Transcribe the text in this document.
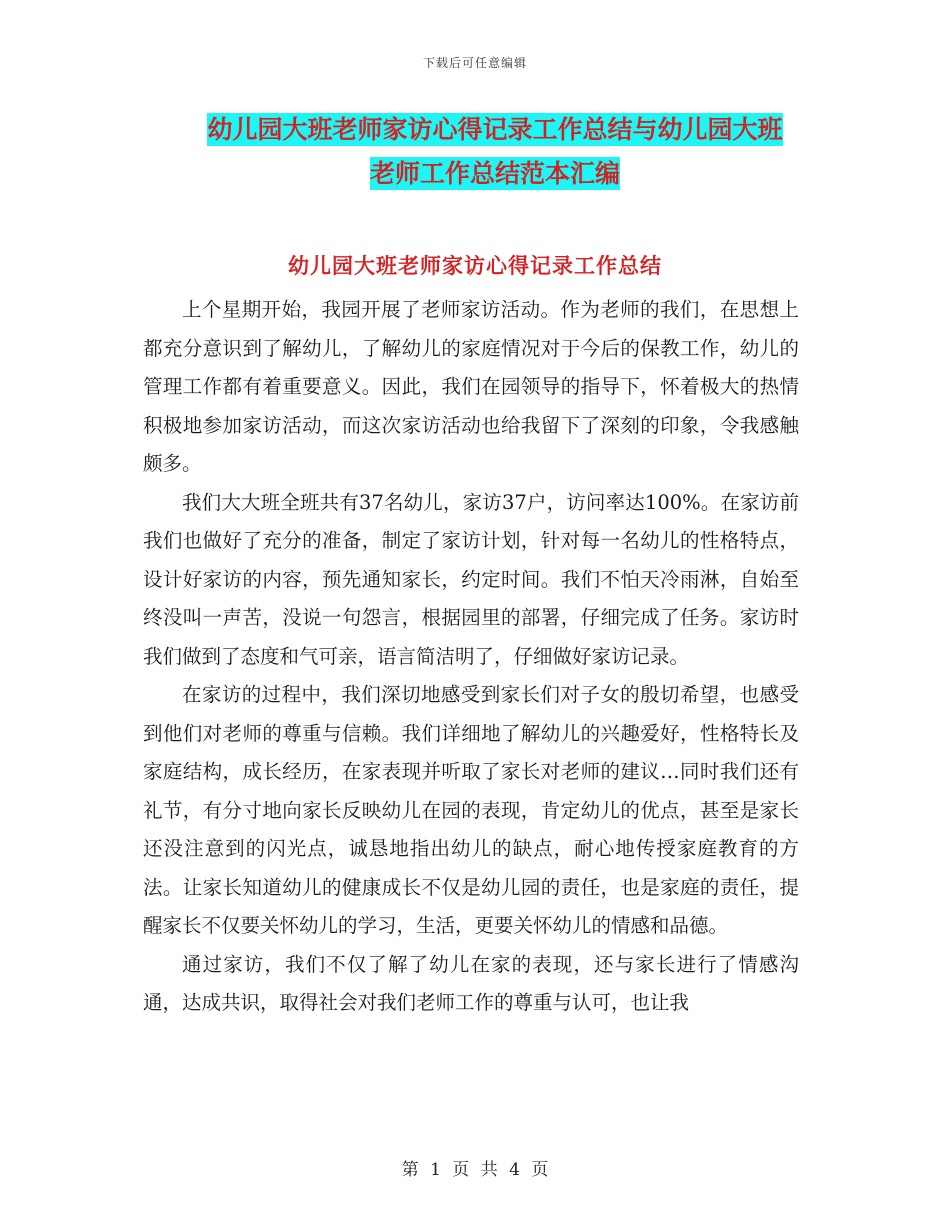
下载后可任意编辑
幼儿园大班老师家访心得记录工作总结与幼儿园大班
老师工作总结范本汇编
幼儿园大班老师家访心得记录工作总结

上个星期开始，我园开展了老师家访活动。作为老师的我们，在思想上都充分意识到了解幼儿，了解幼儿的家庭情况对于今后的保教工作，幼儿的管理工作都有着重要意义。因此，我们在园领导的指导下，怀着极大的热情积极地参加家访活动，而这次家访活动也给我留下了深刻的印象，令我感触颇多。

我们大大班全班共有37名幼儿，家访37户，访问率达100%。在家访前我们也做好了充分的准备，制定了家访计划，针对每一名幼儿的性格特点，设计好家访的内容，预先通知家长，约定时间。我们不怕天冷雨淋，自始至终没叫一声苦，没说一句怨言，根据园里的部署，仔细完成了任务。家访时我们做到了态度和气可亲，语言简洁明了，仔细做好家访记录。

在家访的过程中，我们深切地感受到家长们对子女的殷切希望，也感受到他们对老师的尊重与信赖。我们详细地了解幼儿的兴趣爱好，性格特长及家庭结构，成长经历，在家表现并听取了家长对老师的建议…同时我们还有礼节，有分寸地向家长反映幼儿在园的表现，肯定幼儿的优点，甚至是家长还没注意到的闪光点，诚恳地指出幼儿的缺点，耐心地传授家庭教育的方法。让家长知道幼儿的健康成长不仅是幼儿园的责任，也是家庭的责任，提醒家长不仅要关怀幼儿的学习，生活，更要关怀幼儿的情感和品德。

通过家访，我们不仅了解了幼儿在家的表现，还与家长进行了情感沟通，达成共识，取得社会对我们老师工作的尊重与认可，也让我

第 1 页 共 4 页
